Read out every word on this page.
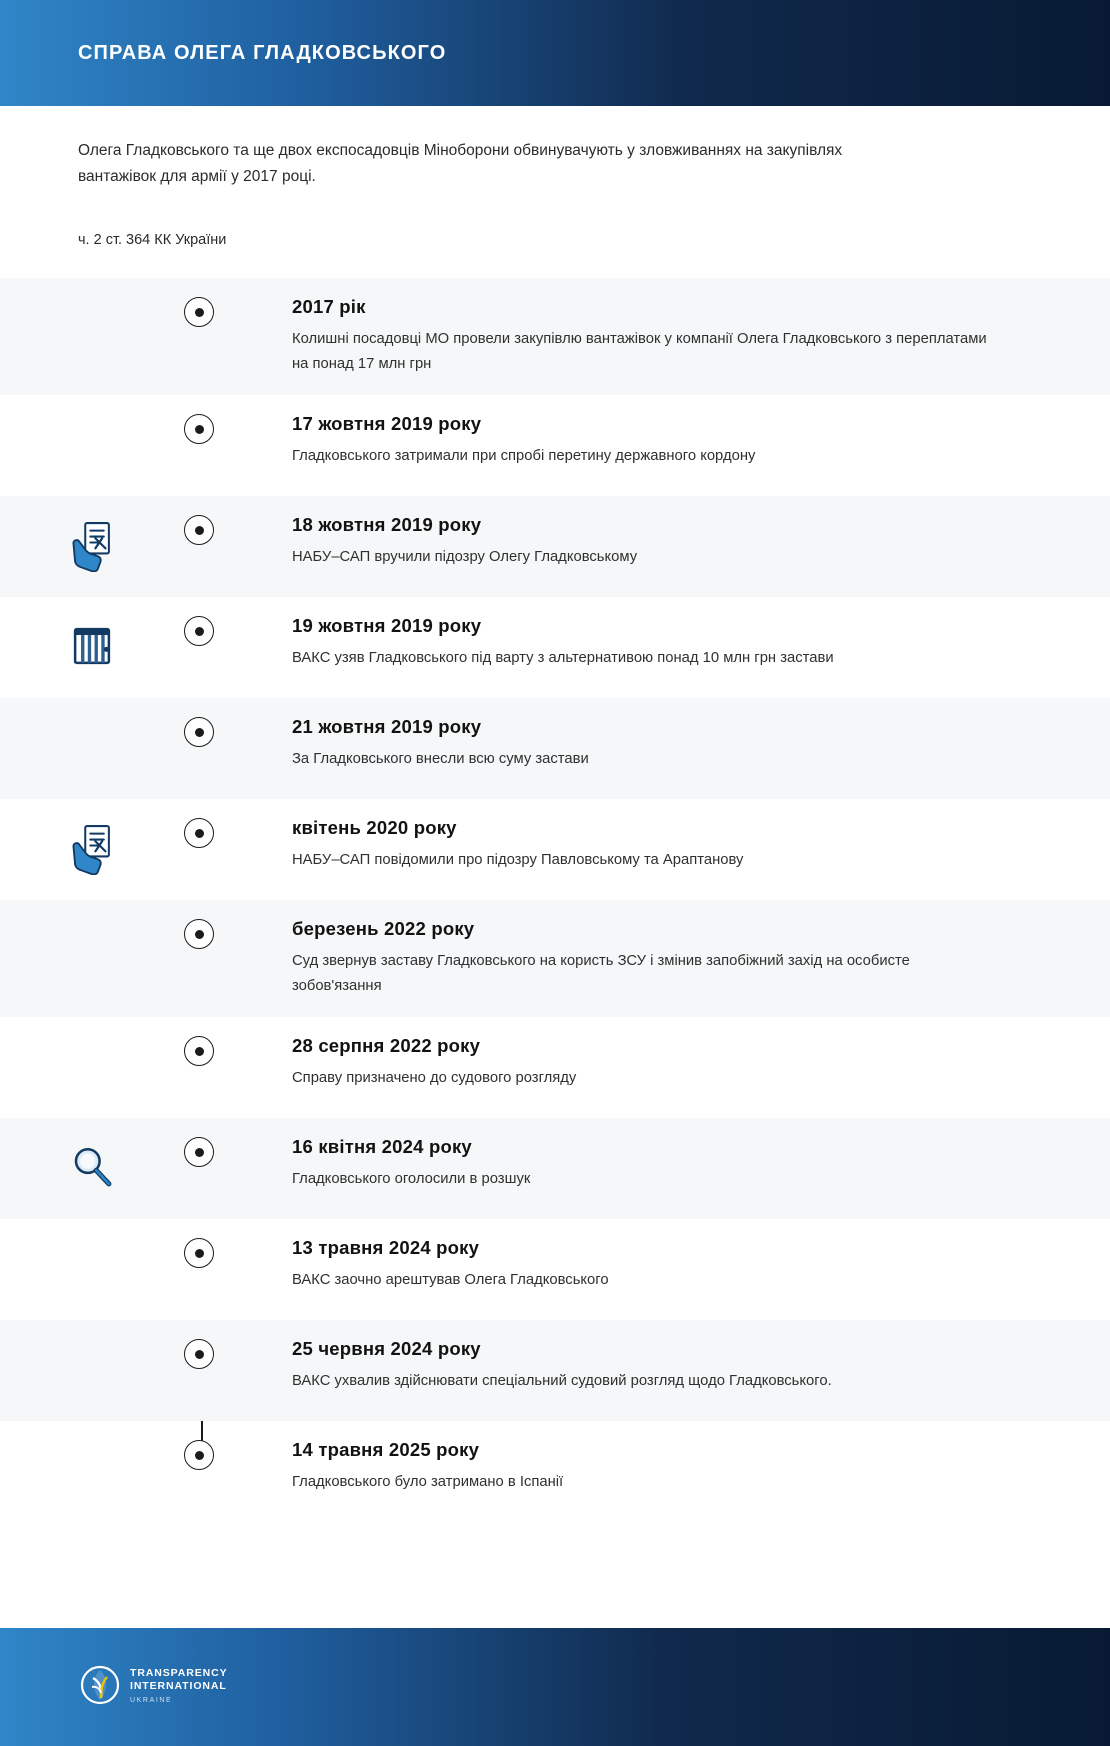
СПРАВА ОЛЕГА ГЛАДКОВСЬКОГО
Олега Гладковського та ще двох експосадовців Міноборони обвинувачують у зловживаннях на закупівлях вантажівок для армії у 2017 році.
ч. 2 ст. 364 КК України
2017 рік
Колишні посадовці МО провели закупівлю вантажівок у компанії Олега Гладковського з переплатами на понад 17 млн грн
17 жовтня 2019 року
Гладковського затримали при спробі перетину державного кордону
18 жовтня 2019 року
НАБУ–САП вручили підозру Олегу Гладковському
19 жовтня 2019 року
ВАКС узяв Гладковського під варту з альтернативою понад 10 млн грн застави
21 жовтня 2019 року
За Гладковського внесли всю суму застави
квітень 2020 року
НАБУ–САП повідомили про підозру Павловському та Араптанову
березень 2022 року
Суд звернув заставу Гладковського на користь ЗСУ і змінив запобіжний захід на особисте зобов'язання
28 серпня 2022 року
Справу призначено до судового розгляду
16 квітня 2024 року
Гладковського оголосили в розшук
13 травня 2024 року
ВАКС заочно арештував Олега Гладковського
25 червня 2024 року
ВАКС ухвалив здійснювати спеціальний судовий розгляд щодо Гладковського.
14 травня 2025 року
Гладковського було затримано в Іспанії
TRANSPARENCY
INTERNATIONAL
UKRAINE
